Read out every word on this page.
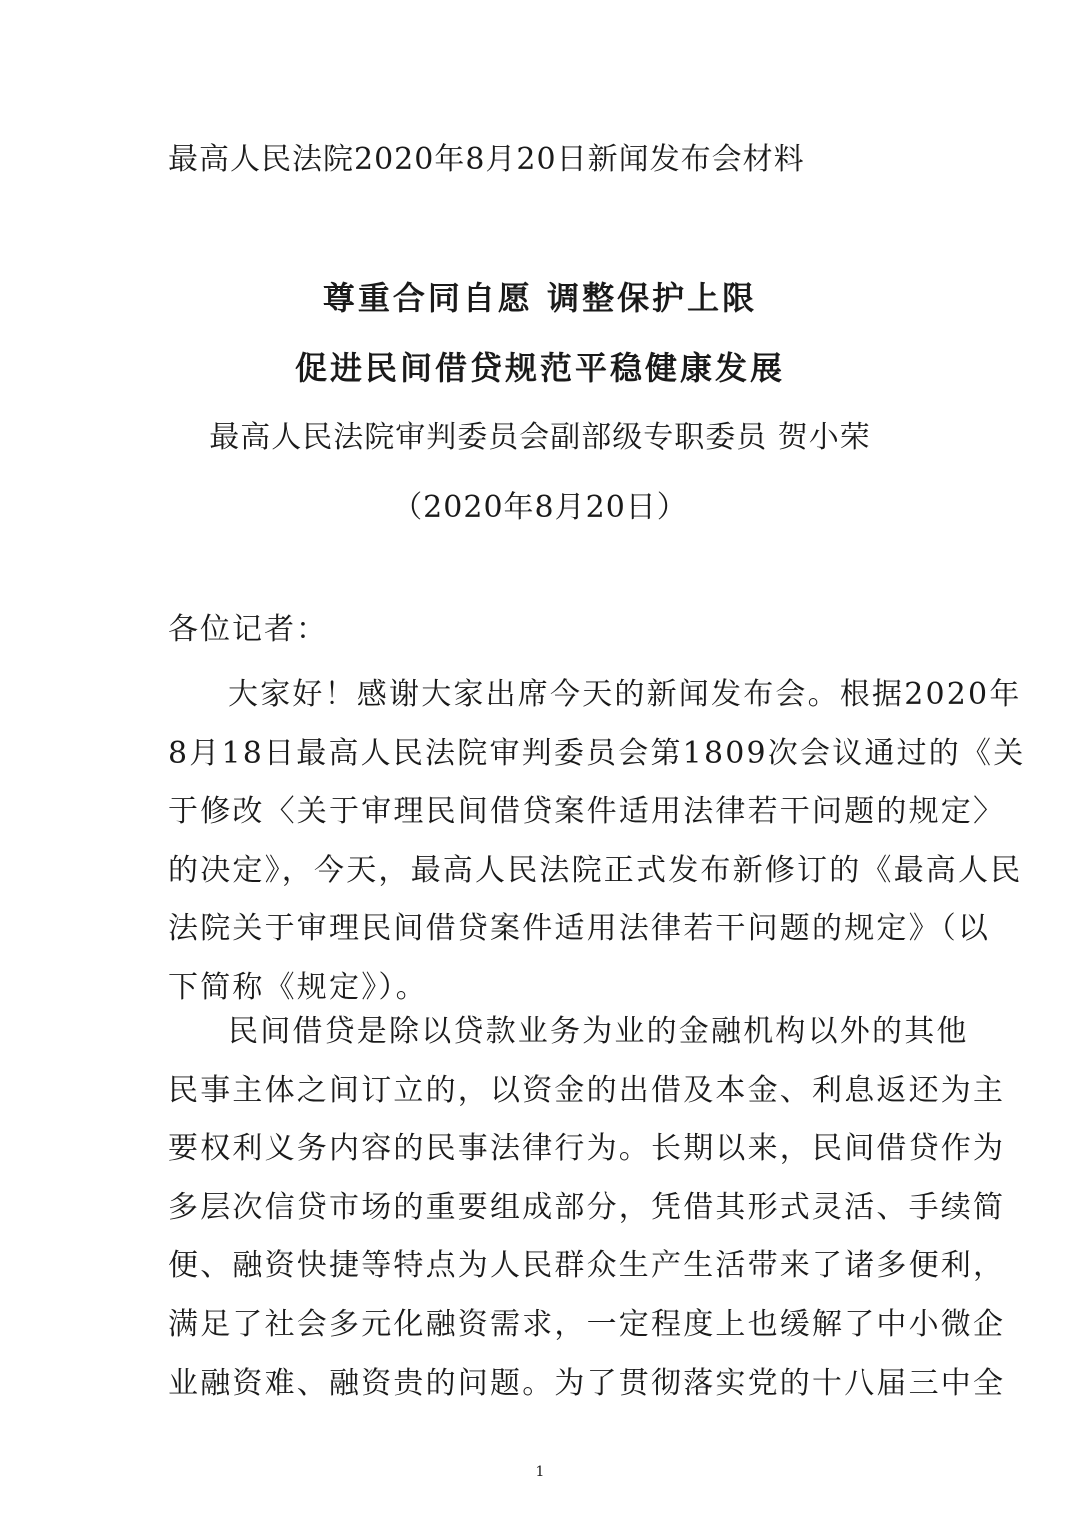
最高人民法院2020年8月20日新闻发布会材料
尊重合同自愿 调整保护上限
促进民间借贷规范平稳健康发展
最高人民法院审判委员会副部级专职委员 贺小荣
（2020年8月20日）
各位记者：
大家好！感谢大家出席今天的新闻发布会。根据2020年
8月18日最高人民法院审判委员会第1809次会议通过的《关
于修改〈关于审理民间借贷案件适用法律若干问题的规定〉
的决定》，今天，最高人民法院正式发布新修订的《最高人民
法院关于审理民间借贷案件适用法律若干问题的规定》（以
下简称《规定》）。
民间借贷是除以贷款业务为业的金融机构以外的其他
民事主体之间订立的，以资金的出借及本金、利息返还为主
要权利义务内容的民事法律行为。长期以来，民间借贷作为
多层次信贷市场的重要组成部分，凭借其形式灵活、手续简
便、融资快捷等特点为人民群众生产生活带来了诸多便利，
满足了社会多元化融资需求，一定程度上也缓解了中小微企
业融资难、融资贵的问题。为了贯彻落实党的十八届三中全
1
